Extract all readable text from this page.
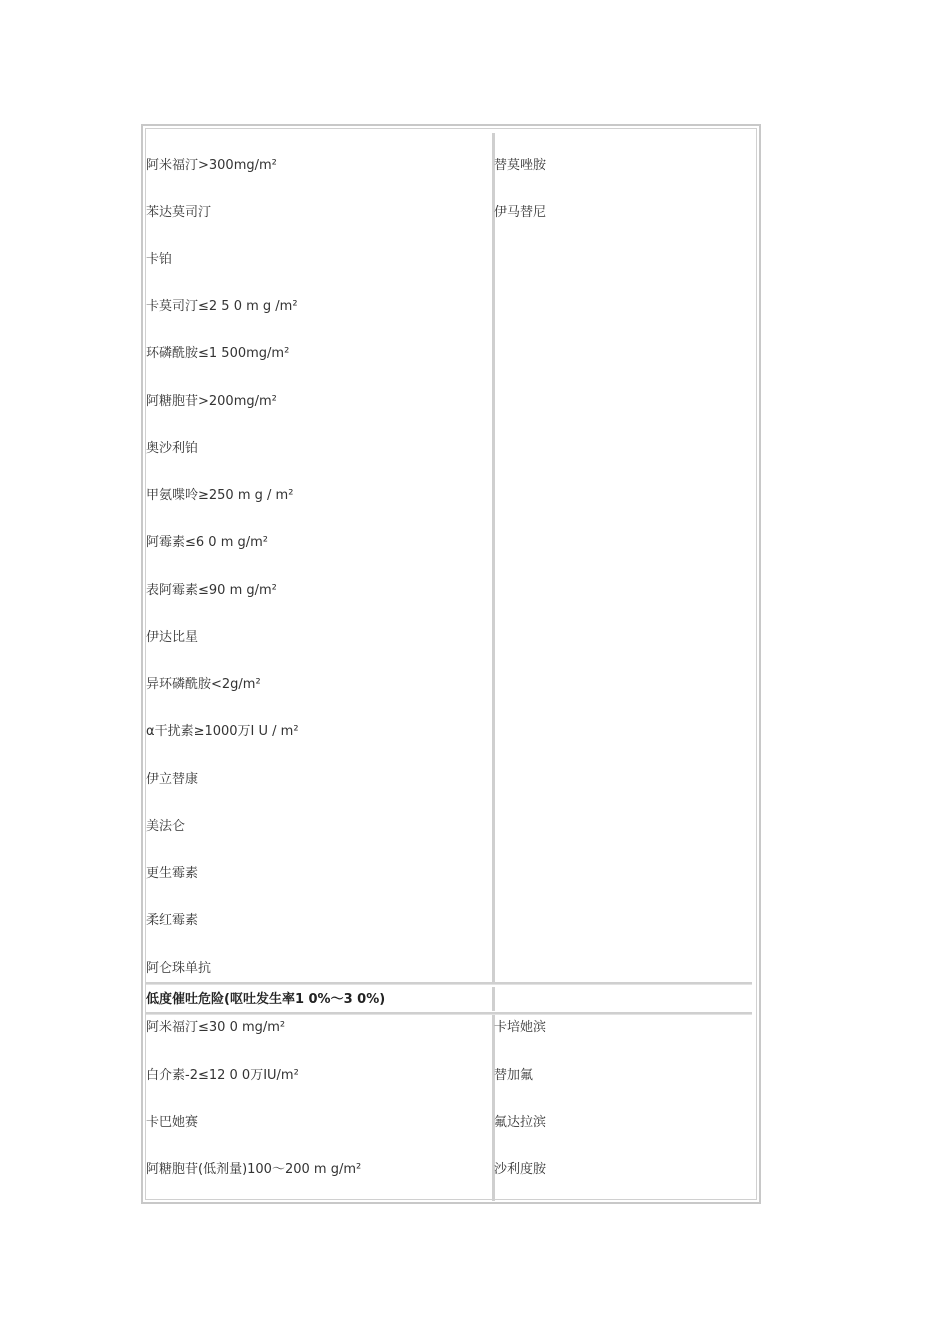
阿米福汀>300mg/m²
苯达莫司汀
卡铂
卡莫司汀≤2 5 0 m g /m²
环磷酰胺≤1 500mg/m²
阿糖胞苷>200mg/m²
奥沙利铂
甲氨喋呤≥250 m g / m²
阿霉素≤6 0 m g/m²
表阿霉素≤90 m g/m²
伊达比星
异环磷酰胺<2g/m²
α干扰素≥1000万I U / m²
伊立替康
美法仑
更生霉素
柔红霉素
阿仑珠单抗
替莫唑胺
伊马替尼
低度催吐危险(呕吐发生率1 0%～3 0%)
阿米福汀≤30 0 mg/m²
白介素-2≤12 0 0万IU/m²
卡巴她赛
阿糖胞苷(低剂量)100～200 m g/m²
卡培她滨
替加氟
氟达拉滨
沙利度胺
